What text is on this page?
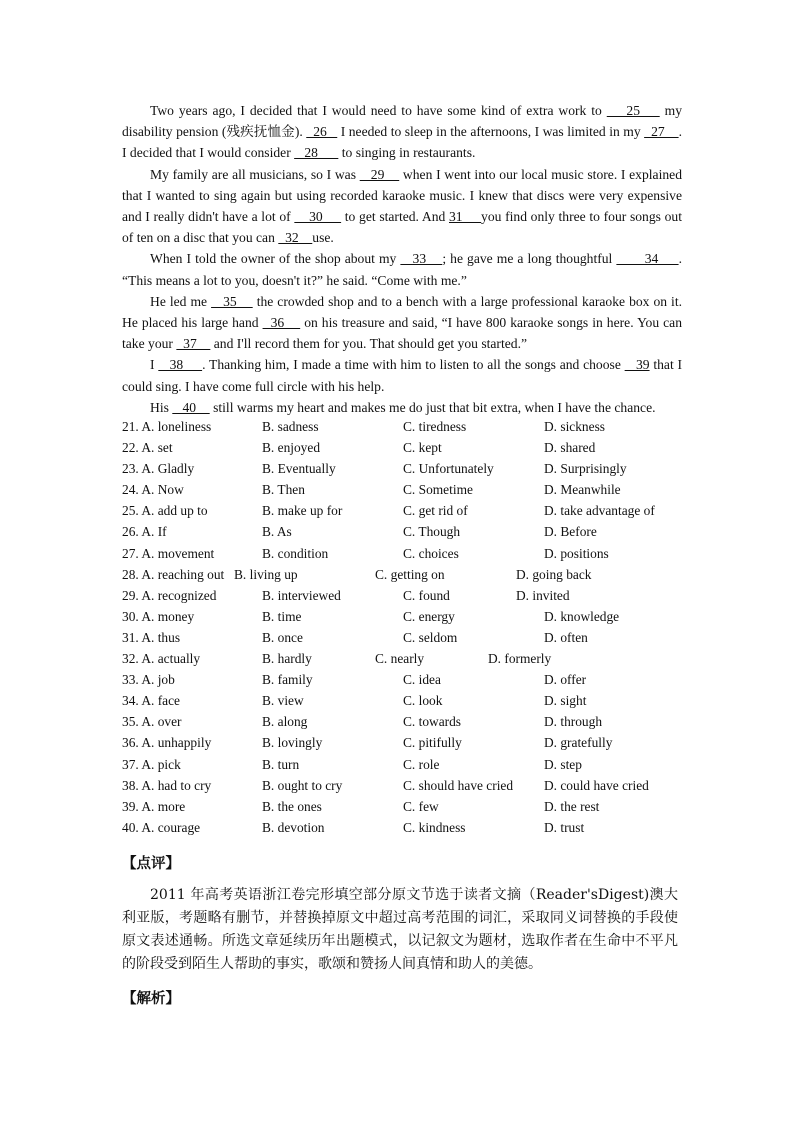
Two years ago, I decided that I would need to have some kind of extra work to     25     my disability pension (残疾抚恤金).   26    I needed to sleep in the afternoons, I was limited in my   27    . I decided that I would consider    28       to singing in restaurants.

My family are all musicians, so I was    29     when I went into our local music store. I explained that I wanted to sing again but using recorded karaoke music. I knew that discs were very expensive and I really didn't have a lot of     30      to get started. And 31     you find only three to four songs out of ten on a disc that you can   32    use.

When I told the owner of the shop about my    33    ; he gave me a long thoughtful        34     . “This means a lot to you, doesn't it?” he said. “Come with me.”

He led me    35     the crowded shop and to a bench with a large professional karaoke box on it. He placed his large hand   36     on his treasure and said, “I have 800 karaoke songs in here. You can take your   37     and I'll record them for you. That should get you started.”

I    38     . Thanking him, I made a time with him to listen to all the songs and choose    39 that I could sing. I have come full circle with his help.

His    40     still warms my heart and makes me do just that bit extra, when I have the chance.

21. A. loneliness	B. sadness	C. tiredness	D. sickness
22. A. set	B. enjoyed	C. kept	D. shared
23. A. Gladly	B. Eventually	C. Unfortunately	D. Surprisingly
24. A. Now	B. Then	C. Sometime	D. Meanwhile
25. A. add up to	B. make up for	C. get rid of	D. take advantage of
26. A. If	B. As	C. Though	D. Before
27. A. movement	B. condition	C. choices	D. positions
28. A. reaching out B. living up	C. getting on	D. going back
29. A. recognized	B. interviewed	C. found	D. invited
30. A. money	B. time	C. energy	D. knowledge
31. A. thus	B. once	C. seldom	D. often
32. A. actually	B. hardly	C. nearly	D. formerly
33. A. job	B. family	C. idea	D. offer
34. A. face	B. view	C. look	D. sight
35. A. over	B. along	C. towards	D. through
36. A. unhappily	B. lovingly	C. pitifully	D. gratefully
37. A. pick	B. turn	C. role	D. step
38. A. had to cry	B. ought to cry	C. should have cried D. could have cried
39. A. more	B. the ones	C. few	D. the rest
40. A. courage	B. devotion	C. kindness	D. trust
【点评】

2011 年高考英语浙江卷完形填空部分原文节选于读者文摘（Reader'sDigest)澳大利亚版，考题略有删节，并替换掉原文中超过高考范围的词汇，采取同义词替换的手段使原文表述通畅。所选文章延续历年出题模式，以记叙文为题材，选取作者在生命中不平凡的阶段受到陌生人帮助的事实，歌颂和赞扬人间真情和助人的美德。

【解析】
